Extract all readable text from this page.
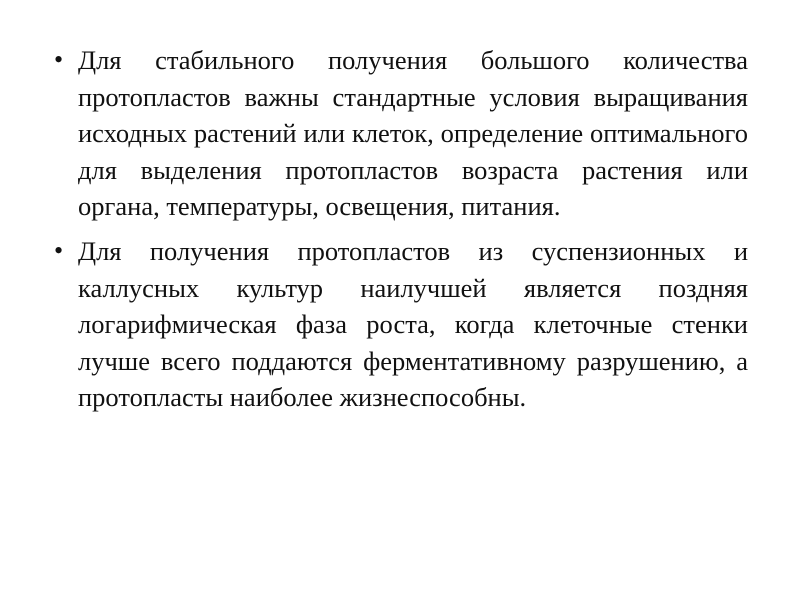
• Для стабильного получения большого количества протопластов важны стандартные условия выращивания исходных растений или клеток, определение оптимального для выделения протопластов возраста растения или органа, температуры, освещения, питания.
• Для получения протопластов из суспензионных и каллусных культур наилучшей является поздняя логарифмическая фаза роста, когда клеточные стенки лучше всего поддаются ферментативному разрушению, а протопласты наиболее жизнеспособны.
